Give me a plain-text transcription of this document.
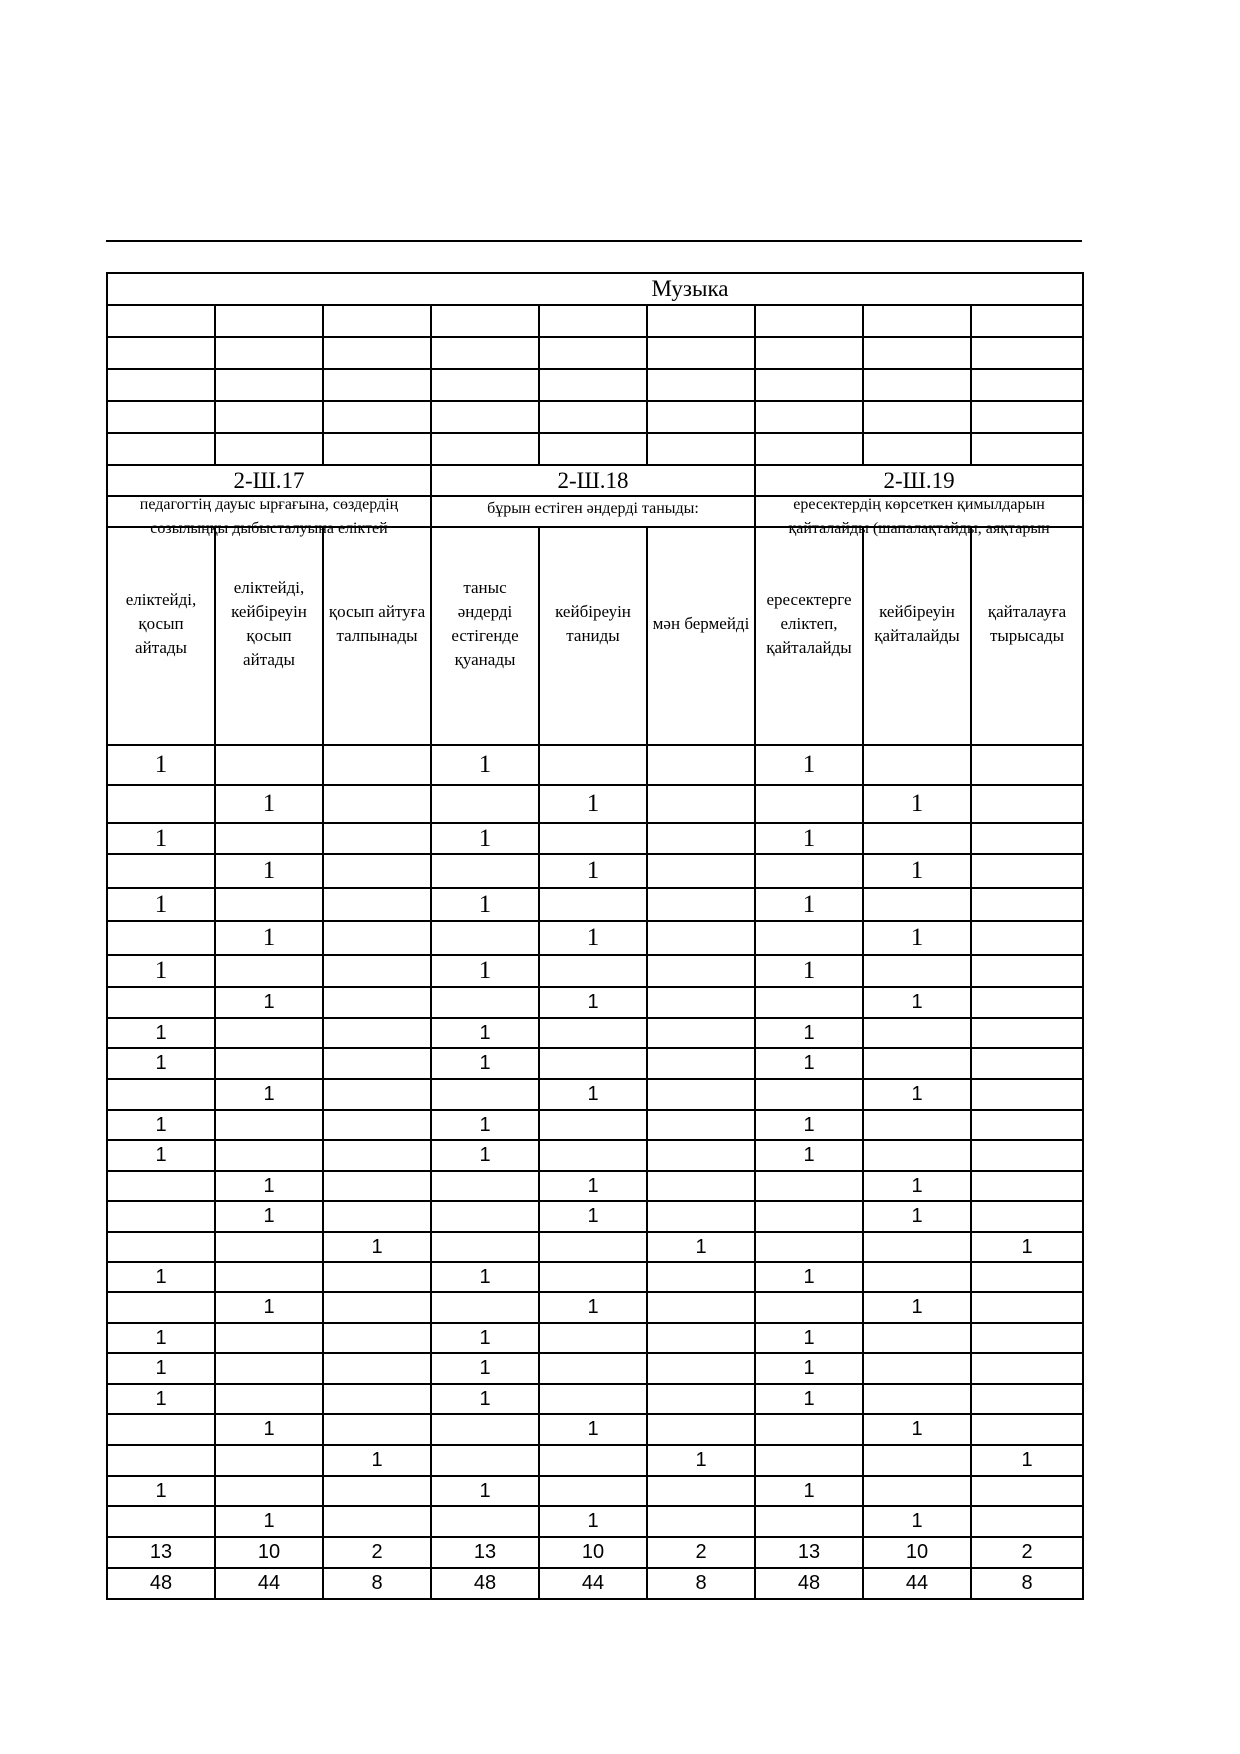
Музыка								

2-Ш.17			2-Ш.18			2-Ш.19		

педагогтің дауыс ырғағына, сөздердің созылыңқы дыбысталуына еліктей			бұрын естіген әндерді таныды:			ересектердің көрсеткен қимылдарын қайталайды (шапалақтайды, аяқтарын		

еліктейді, қосып айтады	еліктейді, кейбіреуін қосып айтады	қосып айтуға талпынады	таныс әндерді естігенде қуанады	кейбіреуін таниды	мән бермейді	ересектерге еліктеп, қайталайды	кейбіреуін қайталайды	қайталауға тырысады

1			1			1		
	1			1			1	
1			1			1		
	1			1			1	
1			1			1		
	1			1			1	
1			1			1		
	1			1			1	
1			1			1		
1			1			1		
	1			1			1	
1			1			1		
1			1			1		
	1			1			1	
	1			1			1	
		1			1			1
1			1			1		
	1			1			1	
1			1			1		
1			1			1		
1			1			1		
	1			1			1	
		1			1			1
1			1			1		
	1			1			1	
13	10	2	13	10	2	13	10	2
48	44	8	48	44	8	48	44	8
